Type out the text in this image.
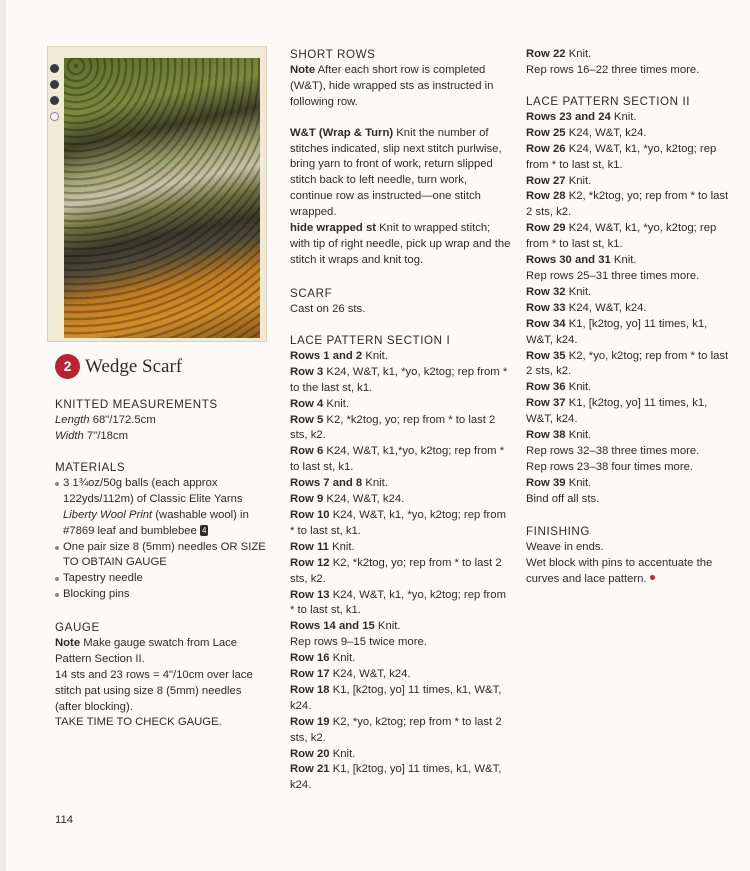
2 Wedge Scarf
KNITTED MEASUREMENTS

Length 68"/172.5cm

Width 7"/18cm

MATERIALS
3 1¾oz/50g balls (each approx 122yds/112m) of Classic Elite Yarns Liberty Wool Print (washable wool) in #7869 leaf and bumblebee 4
One pair size 8 (5mm) needles OR SIZE TO OBTAIN GAUGE
Tapestry needle
Blocking pins
GAUGE

Note Make gauge swatch from Lace Pattern Section II.

14 sts and 23 rows = 4"/10cm over lace stitch pat using size 8 (5mm) needles (after blocking).

TAKE TIME TO CHECK GAUGE.

SHORT ROWS

Note After each short row is completed (W&T), hide wrapped sts as instructed in following row.

W&T (Wrap & Turn) Knit the number of stitches indicated, slip next stitch purlwise, bring yarn to front of work, return slipped stitch back to left needle, turn work, continue row as instructed—one stitch wrapped.

hide wrapped st Knit to wrapped stitch; with tip of right needle, pick up wrap and the stitch it wraps and knit tog.

SCARF

Cast on 26 sts.

LACE PATTERN SECTION I

Rows 1 and 2 Knit.

Row 3 K24, W&T, k1, *yo, k2tog; rep from * to the last st, k1.

Row 4 Knit.

Row 5 K2, *k2tog, yo; rep from * to last 2 sts, k2.

Row 6 K24, W&T, k1,*yo, k2tog; rep from * to last st, k1.

Rows 7 and 8 Knit.

Row 9 K24, W&T, k24.

Row 10 K24, W&T, k1, *yo, k2tog; rep from * to last st, k1.

Row 11 Knit.

Row 12 K2, *k2tog, yo; rep from * to last 2 sts, k2.

Row 13 K24, W&T, k1, *yo, k2tog; rep from * to last st, k1.

Rows 14 and 15 Knit.

Rep rows 9–15 twice more.

Row 16 Knit.

Row 17 K24, W&T, k24.

Row 18 K1, [k2tog, yo] 11 times, k1, W&T, k24.

Row 19 K2, *yo, k2tog; rep from * to last 2 sts, k2.

Row 20 Knit.

Row 21 K1, [k2tog, yo] 11 times, k1, W&T, k24.

Row 22 Knit.

Rep rows 16–22 three times more.

LACE PATTERN SECTION II

Rows 23 and 24 Knit.

Row 25 K24, W&T, k24.

Row 26 K24, W&T, k1, *yo, k2tog; rep from * to last st, k1.

Row 27 Knit.

Row 28 K2, *k2tog, yo; rep from * to last 2 sts, k2.

Row 29 K24, W&T, k1, *yo, k2tog; rep from * to last st, k1.

Rows 30 and 31 Knit.

Rep rows 25–31 three times more.

Row 32 Knit.

Row 33 K24, W&T, k24.

Row 34 K1, [k2tog, yo] 11 times, k1, W&T, k24.

Row 35 K2, *yo, k2tog; rep from * to last 2 sts, k2.

Row 36 Knit.

Row 37 K1, [k2tog, yo] 11 times, k1, W&T, k24.

Row 38 Knit.

Rep rows 32–38 three times more.

Rep rows 23–38 four times more.

Row 39 Knit.

Bind off all sts.

FINISHING

Weave in ends.

Wet block with pins to accentuate the curves and lace pattern.

114
